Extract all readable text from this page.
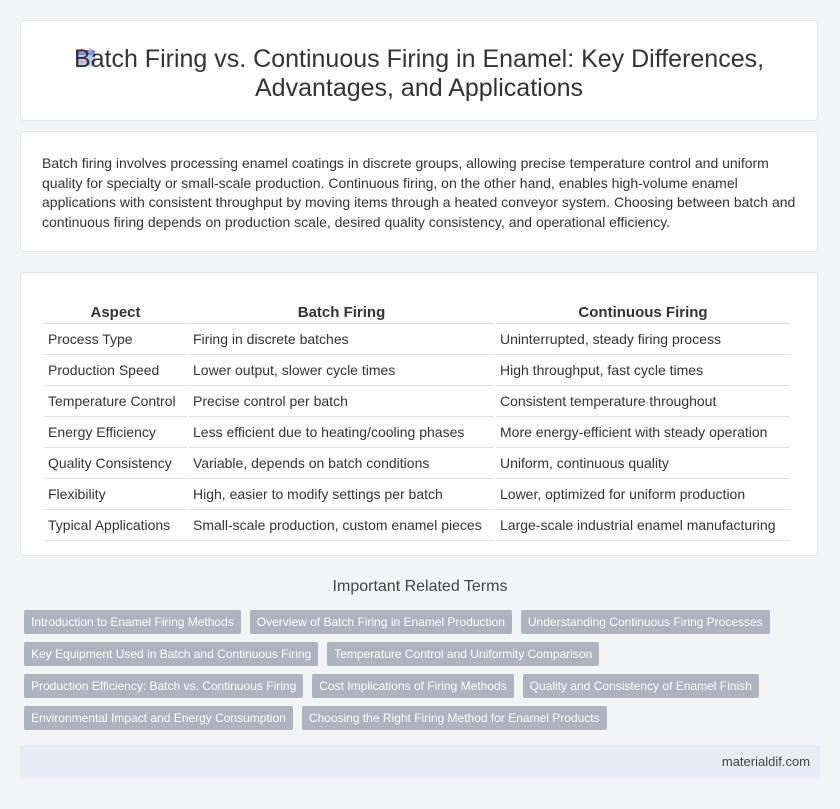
Batch Firing vs. Continuous Firing in Enamel: Key Differences,
Advantages, and Applications
Batch firing involves processing enamel coatings in discrete groups, allowing precise temperature control and uniform quality for specialty or small-scale production. Continuous firing, on the other hand, enables high-volume enamel applications with consistent throughput by moving items through a heated conveyor system. Choosing between batch and continuous firing depends on production scale, desired quality consistency, and operational efficiency.
Aspect	Batch Firing	Continuous Firing
Process Type	Firing in discrete batches	Uninterrupted, steady firing process
Production Speed	Lower output, slower cycle times	High throughput, fast cycle times
Temperature Control	Precise control per batch	Consistent temperature throughout
Energy Efficiency	Less efficient due to heating/cooling phases	More energy-efficient with steady operation
Quality Consistency	Variable, depends on batch conditions	Uniform, continuous quality
Flexibility	High, easier to modify settings per batch	Lower, optimized for uniform production
Typical Applications	Small-scale production, custom enamel pieces	Large-scale industrial enamel manufacturing
Important Related Terms
Introduction to Enamel Firing Methods Overview of Batch Firing in Enamel Production Understanding Continuous Firing Processes
Key Equipment Used in Batch and Continuous Firing Temperature Control and Uniformity Comparison
Production Efficiency: Batch vs. Continuous Firing Cost Implications of Firing Methods Quality and Consistency of Enamel Finish
Environmental Impact and Energy Consumption Choosing the Right Firing Method for Enamel Products
materialdif.com
